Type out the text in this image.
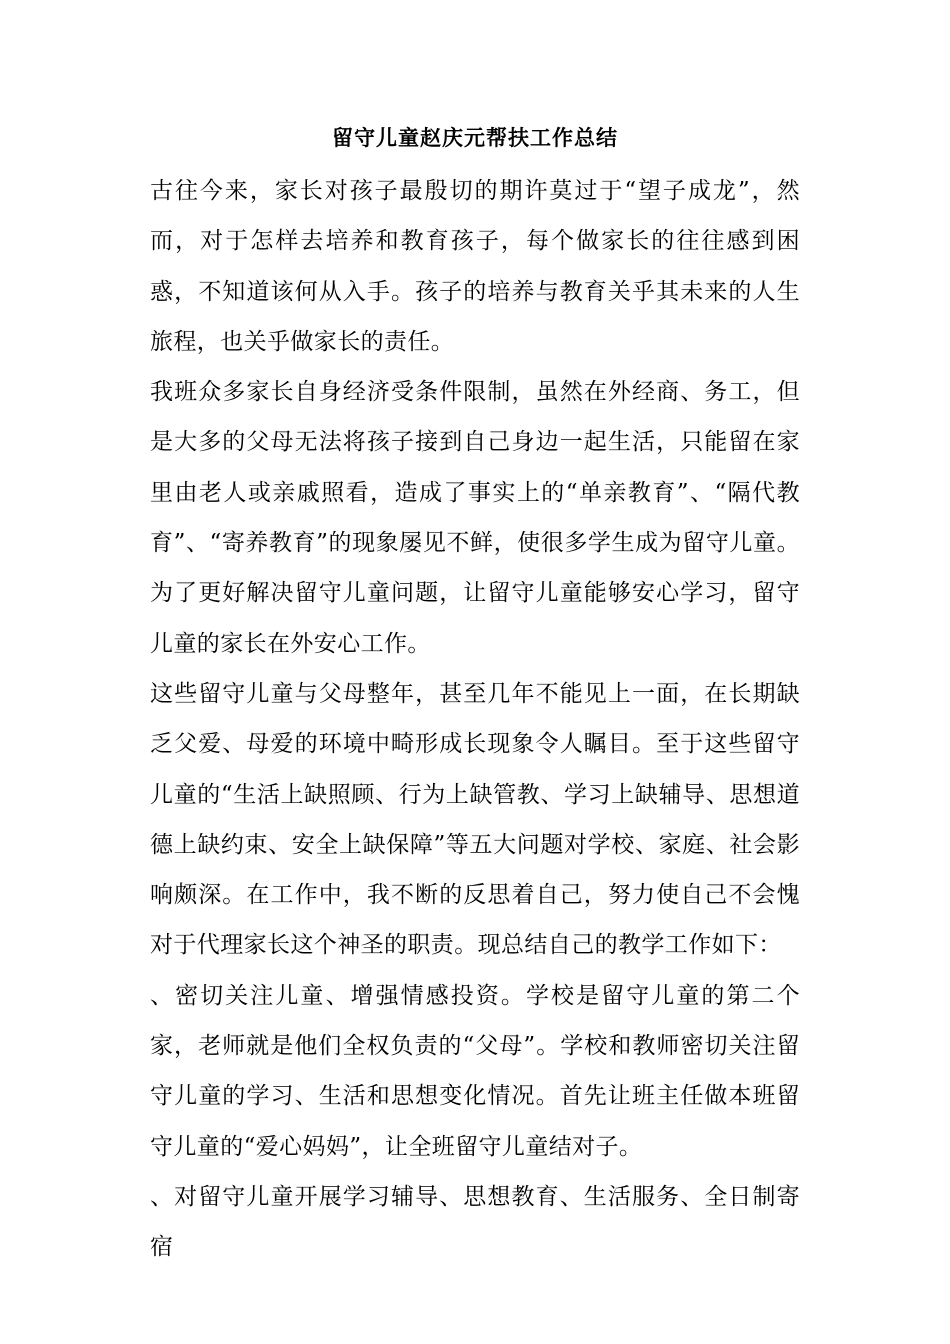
留守儿童赵庆元帮扶工作总结

古往今来，家长对孩子最殷切的期许莫过于“望子成龙”，然而，对于怎样去培养和教育孩子，每个做家长的往往感到困惑，不知道该何从入手。孩子的培养与教育关乎其未来的人生旅程，也关乎做家长的责任。

我班众多家长自身经济受条件限制，虽然在外经商、务工，但是大多的父母无法将孩子接到自己身边一起生活，只能留在家里由老人或亲戚照看，造成了事实上的“单亲教育”、“隔代教育”、“寄养教育”的现象屡见不鲜，使很多学生成为留守儿童。为了更好解决留守儿童问题，让留守儿童能够安心学习，留守儿童的家长在外安心工作。

这些留守儿童与父母整年，甚至几年不能见上一面，在长期缺乏父爱、母爱的环境中畸形成长现象令人瞩目。至于这些留守儿童的“生活上缺照顾、行为上缺管教、学习上缺辅导、思想道德上缺约束、安全上缺保障”等五大问题对学校、家庭、社会影响颇深。在工作中，我不断的反思着自己，努力使自己不会愧对于代理家长这个神圣的职责。现总结自己的教学工作如下：

、密切关注儿童、增强情感投资。学校是留守儿童的第二个家，老师就是他们全权负责的“父母”。学校和教师密切关注留守儿童的学习、生活和思想变化情况。首先让班主任做本班留守儿童的“爱心妈妈”，让全班留守儿童结对子。

、对留守儿童开展学习辅导、思想教育、生活服务、全日制寄宿
